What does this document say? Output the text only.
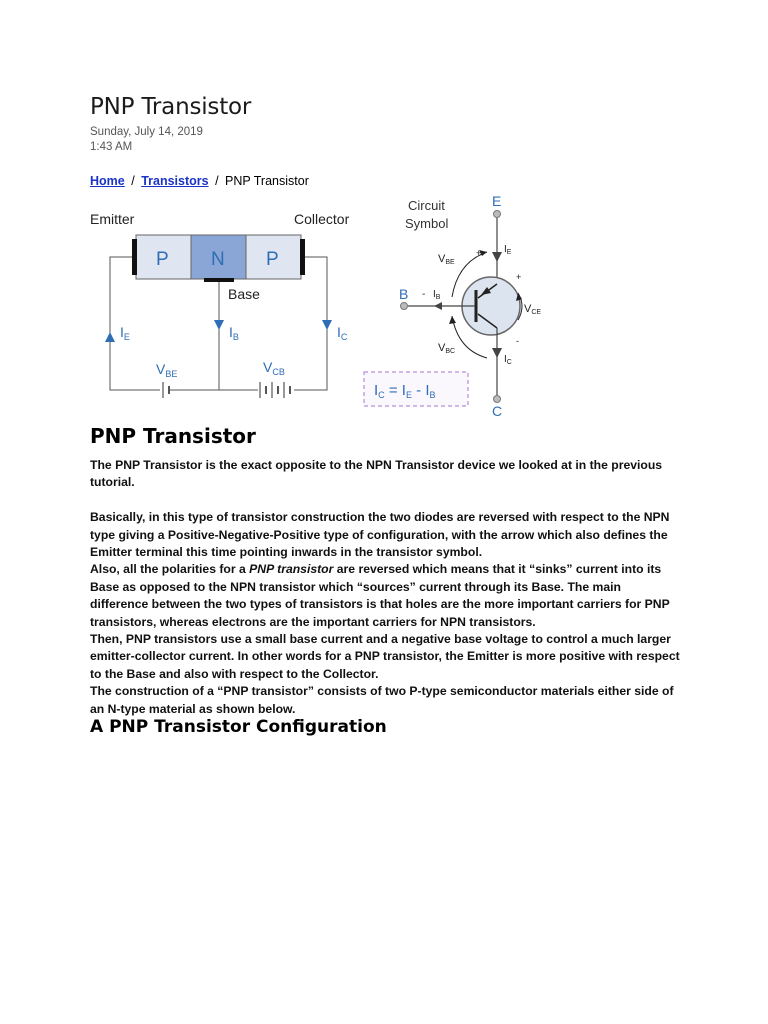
PNP Transistor
Sunday, July 14, 2019
1:43 AM
Home / Transistors / PNP Transistor
Emitter	Collector
P N P
Base
$I_E$	$I_B$	$I_C$
$V_{BE}$	$V_{CB}$
Circuit
Symbol
E
$I_E$
$I_C$
C
B $I_B$
-
VBE
+
VBC
VCE
+
-
$I_C = I_E - I_B$
PNP Transistor

The PNP Transistor is the exact opposite to the NPN Transistor device we looked at in the previous tutorial.

Basically, in this type of transistor construction the two diodes are reversed with respect to the NPN type giving a Positive-Negative-Positive type of configuration, with the arrow which also defines the Emitter terminal this time pointing inwards in the transistor symbol.

Also, all the polarities for a PNP transistor are reversed which means that it “sinks” current into its Base as opposed to the NPN transistor which “sources” current through its Base. The main difference between the two types of transistors is that holes are the more important carriers for PNP transistors, whereas electrons are the important carriers for NPN transistors.

Then, PNP transistors use a small base current and a negative base voltage to control a much larger emitter-collector current. In other words for a PNP transistor, the Emitter is more positive with respect to the Base and also with respect to the Collector.

The construction of a “PNP transistor” consists of two P-type semiconductor materials either side of an N-type material as shown below.

A PNP Transistor Configuration
